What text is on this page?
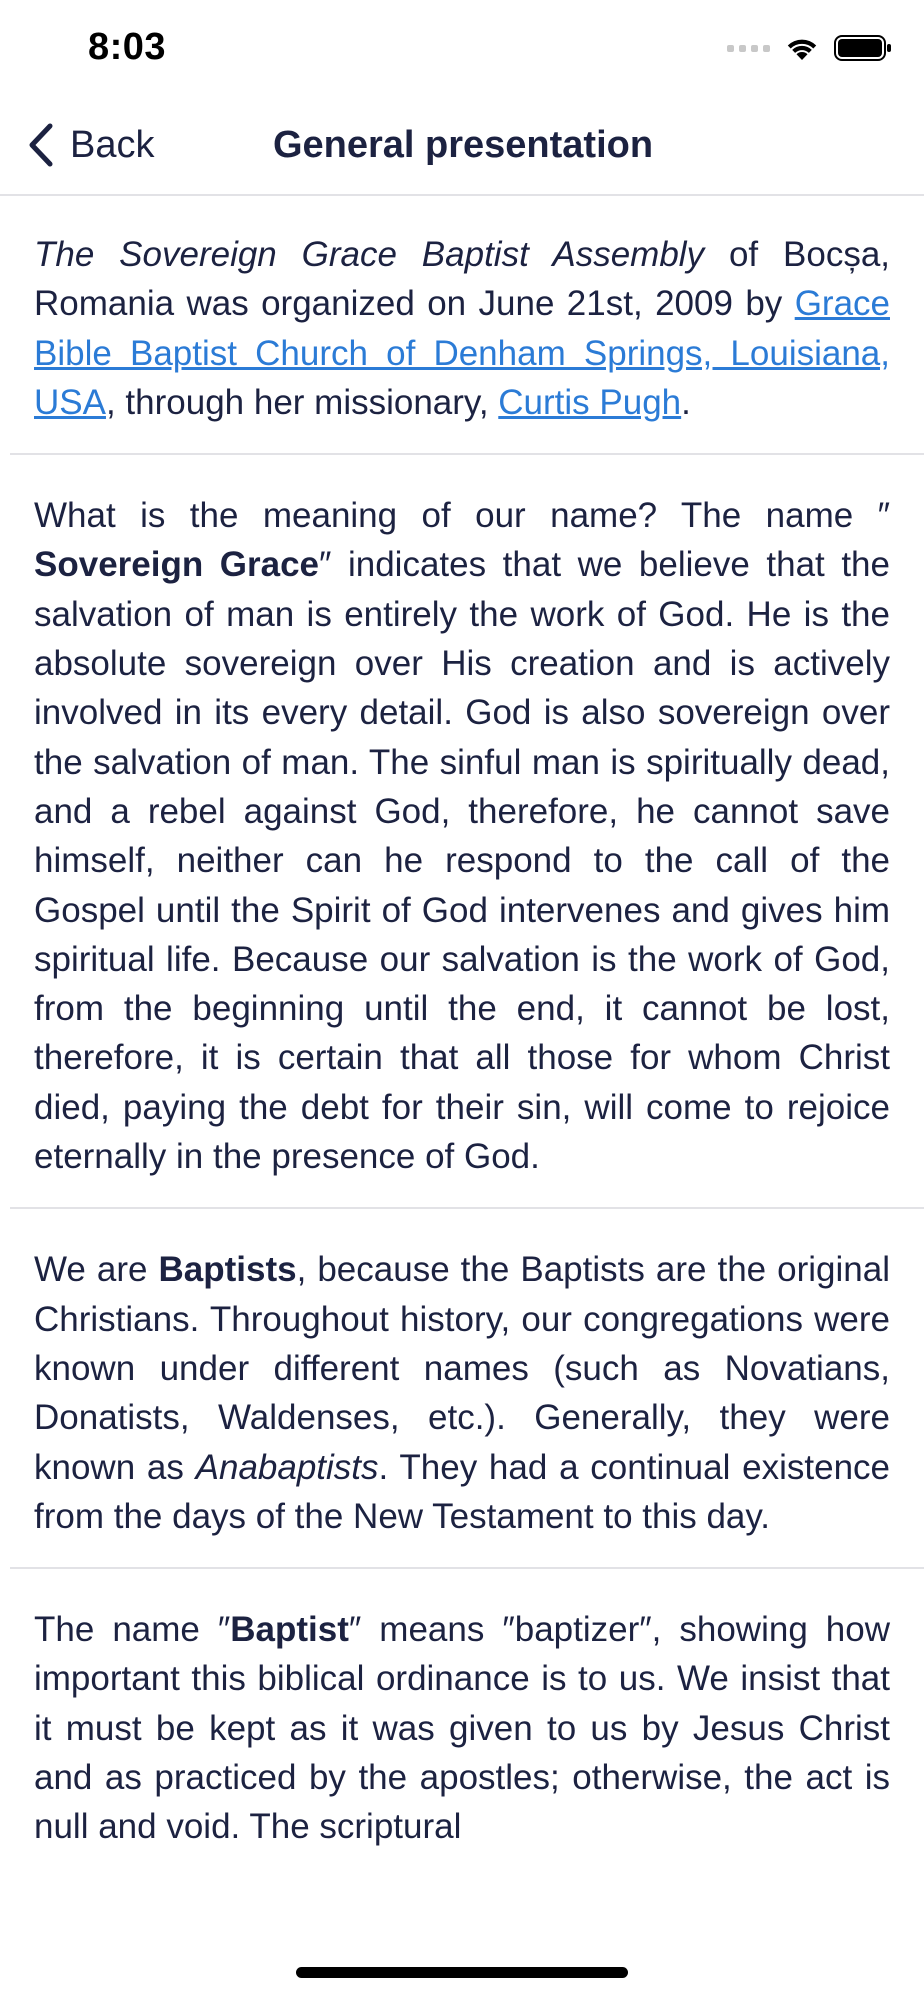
8:03
Back	General presentation
The Sovereign Grace Baptist Assembly of Bocșa, Romania was organized on June 21st, 2009 by Grace Bible Baptist Church of Denham Springs, Louisiana, USA, through her missionary, Curtis Pugh.
What is the meaning of our name? The name ″ Sovereign Grace″ indicates that we believe that the salvation of man is entirely the work of God. He is the absolute sovereign over His creation and is actively involved in its every detail. God is also sovereign over the salvation of man. The sinful man is spiritually dead, and a rebel against God, therefore, he cannot save himself, neither can he respond to the call of the Gospel until the Spirit of God intervenes and gives him spiritual life. Because our salvation is the work of God, from the beginning until the end, it cannot be lost, therefore, it is certain that all those for whom Christ died, paying the debt for their sin, will come to rejoice eternally in the presence of God.
We are Baptists, because the Baptists are the original Christians. Throughout history, our congregations were known under different names (such as Novatians, Donatists, Waldenses, etc.). Generally, they were known as Anabaptists. They had a continual existence from the days of the New Testament to this day.
The name ″Baptist″ means ″baptizer″, showing how important this biblical ordinance is to us. We insist that it must be kept as it was given to us by Jesus Christ and as practiced by the apostles; otherwise, the act is null and void. The scriptural
